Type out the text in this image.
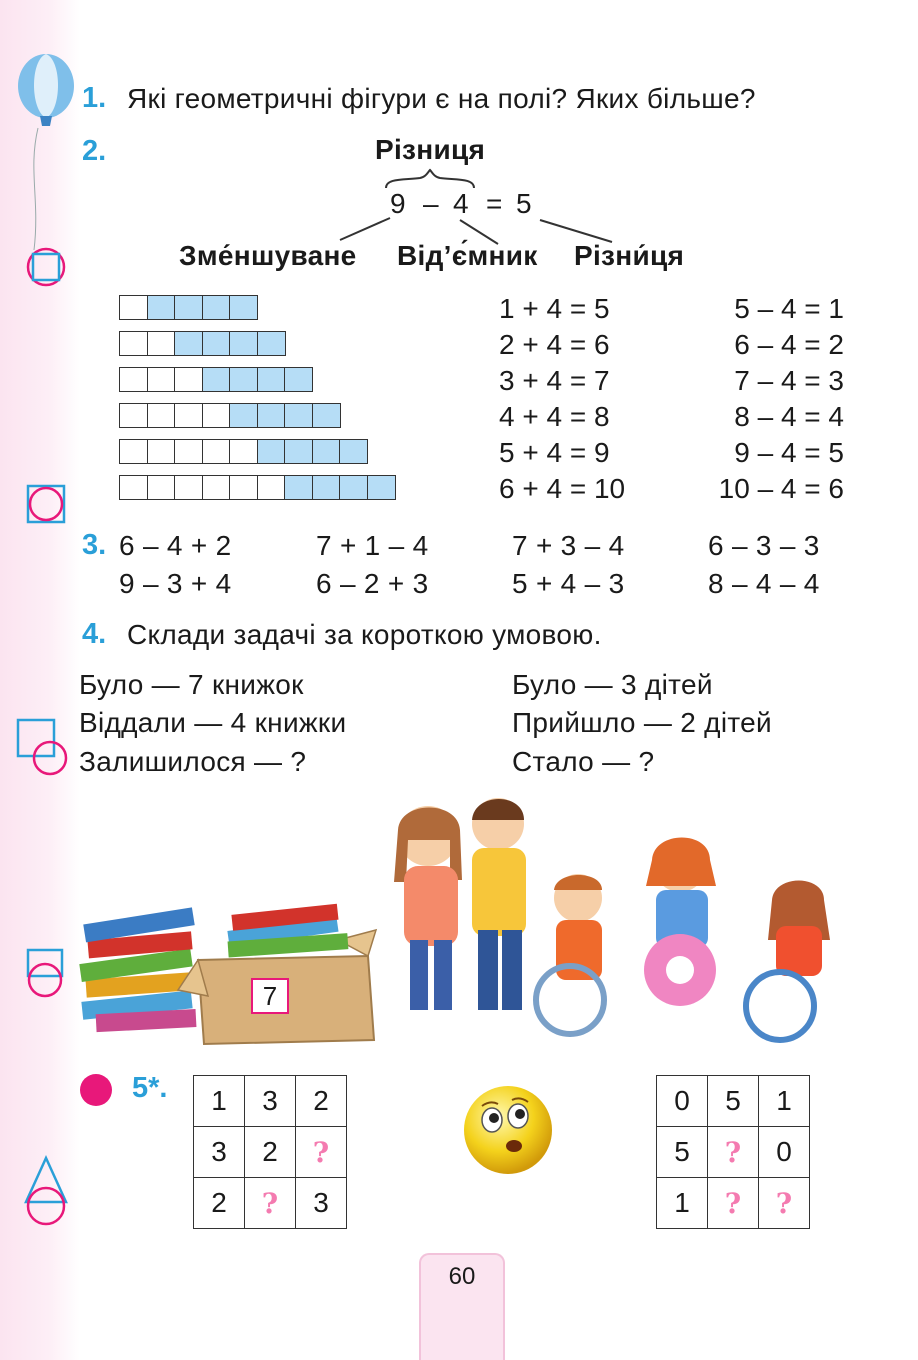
1. Які геометричні фігури є на полі? Яких більше?
2.	Різниця
9 – 4 = 5
Зме́ншуване Від’є́мник Різни́ця
1 + 4 = 5	5 – 4 = 1
2 + 4 = 6	6 – 4 = 2
3 + 4 = 7	7 – 4 = 3
4 + 4 = 8	8 – 4 = 4
5 + 4 = 9	9 – 4 = 5
6 + 4 = 10	10 – 4 = 6
3. 6 – 4 + 2	7 + 1 – 4	7 + 3 – 4	6 – 3 – 3
9 – 3 + 4	6 – 2 + 3	5 + 4 – 3	8 – 4 – 4
4. Склади задачі за короткою умовою.
Було — 7 книжок
Віддали — 4 книжки
Залишилося — ?
Було — 3 дітей
Прийшло — 2 дітей
Стало — ?
7
5*. 1	3	2
3	2	?
2	?	3
0	5	1
5	?	0
1	?	?
60
